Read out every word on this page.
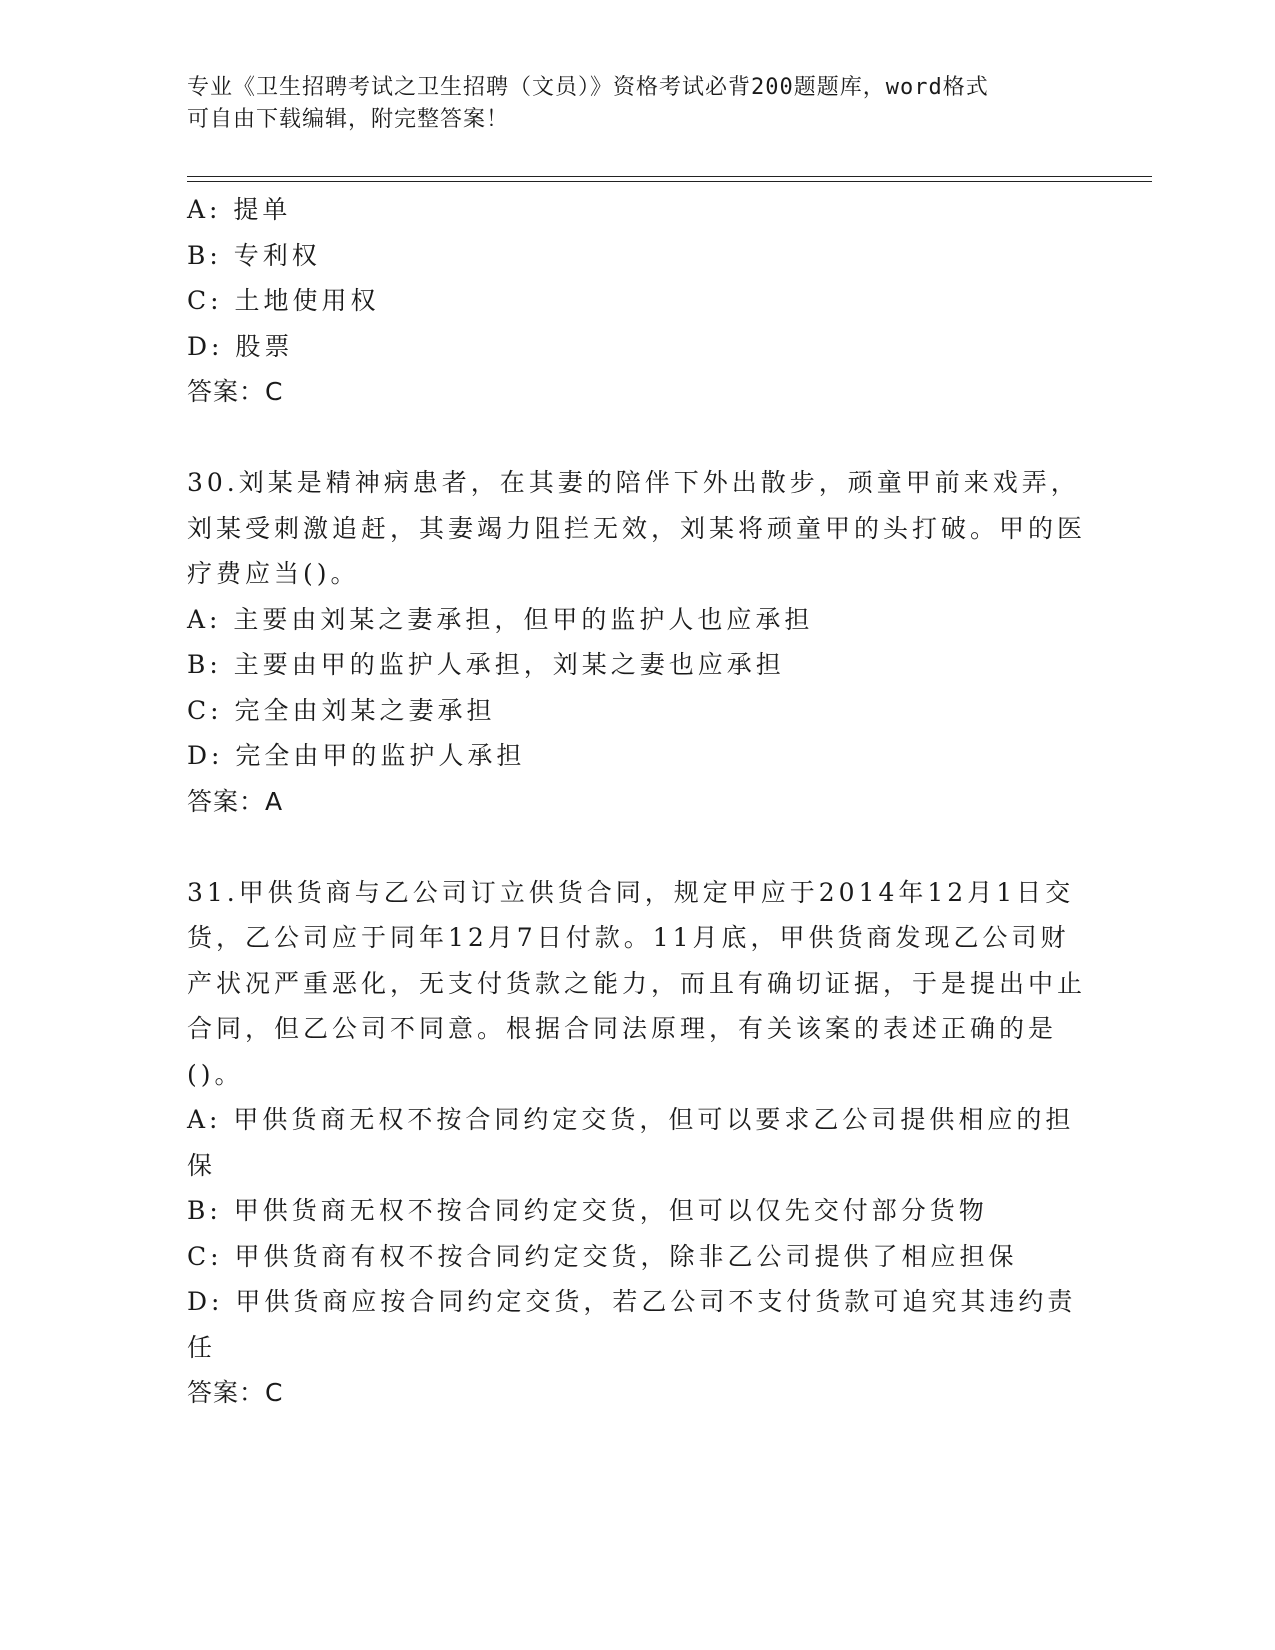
专业《卫生招聘考试之卫生招聘（文员）》资格考试必背200题题库，word格式
可自由下载编辑，附完整答案！
A: 提单
B: 专利权
C: 土地使用权
D: 股票
答案：C
30.刘某是精神病患者，在其妻的陪伴下外出散步，顽童甲前来戏弄，刘某受刺激追赶，其妻竭力阻拦无效，刘某将顽童甲的头打破。甲的医疗费应当()。
A: 主要由刘某之妻承担，但甲的监护人也应承担
B: 主要由甲的监护人承担，刘某之妻也应承担
C: 完全由刘某之妻承担
D: 完全由甲的监护人承担
答案：A
31.甲供货商与乙公司订立供货合同，规定甲应于2014年12月1日交货，乙公司应于同年12月7日付款。11月底，甲供货商发现乙公司财产状况严重恶化，无支付货款之能力，而且有确切证据，于是提出中止合同，但乙公司不同意。根据合同法原理，有关该案的表述正确的是()。
A: 甲供货商无权不按合同约定交货，但可以要求乙公司提供相应的担保
B: 甲供货商无权不按合同约定交货，但可以仅先交付部分货物
C: 甲供货商有权不按合同约定交货，除非乙公司提供了相应担保
D: 甲供货商应按合同约定交货，若乙公司不支付货款可追究其违约责任
答案：C
